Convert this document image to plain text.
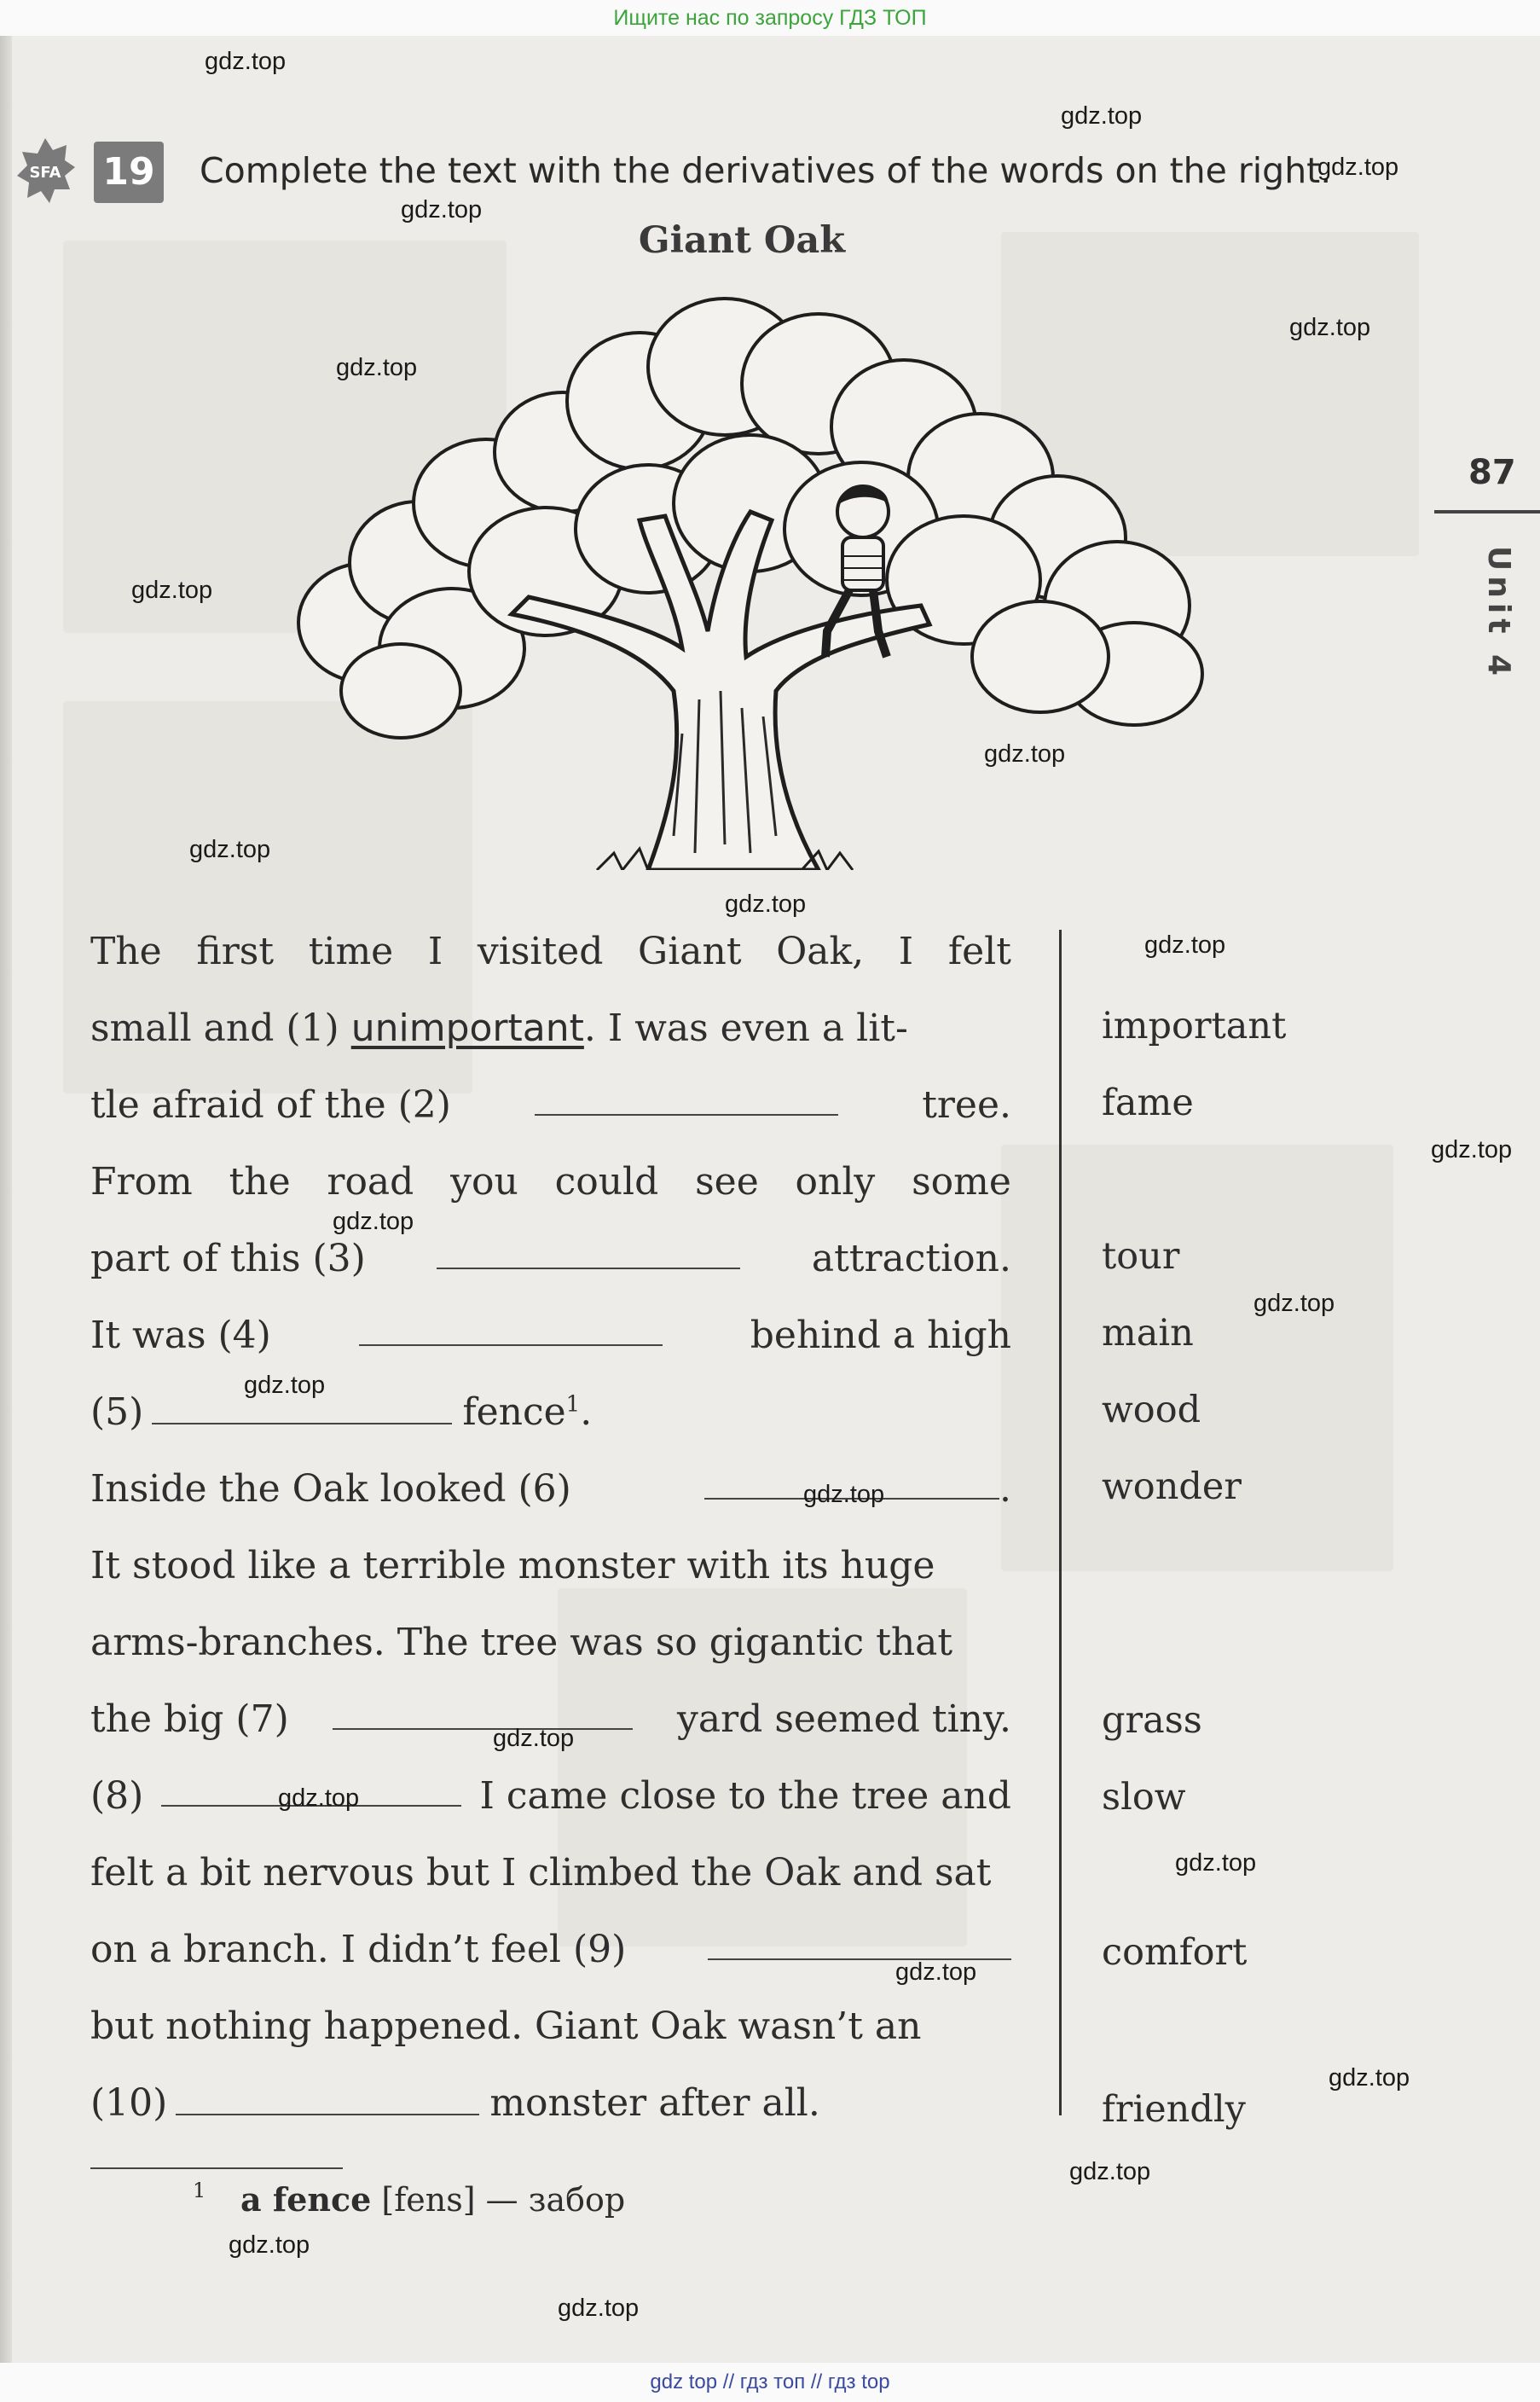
Ищите нас по запросу ГДЗ ТОП
SFA 19 Complete the text with the derivatives of the words on the right.
Giant Oak
87
Unit 4
The first time I visited Giant Oak, I felt
small and (1) unimportant. I was even a lit-
tle afraid of the (2)	tree.
From the road you could see only some
part of this (3)	attraction.
It was (4)	behind a high
(5)	fence$^1$.
Inside the Oak looked (6)	.
It stood like a terrible monster with its huge
arms-branches. The tree was so gigantic that
the big (7)	yard seemed tiny.
(8)	I came close to the tree and
felt a bit nervous but I climbed the Oak and sat
on a branch. I didn’t feel (9)
but nothing happened. Giant Oak wasn’t an
(10)	monster after all.
important
fame
tour
main
wood
wonder
grass
slow
comfort
friendly
1 a fence [fens] — забор
gdz.top
gdz.top
gdz.top
gdz.top
gdz.top
gdz.top
gdz.top
gdz.top
gdz.top
gdz.top
gdz.top
gdz.top
gdz.top
gdz.top
gdz.top
gdz.top
gdz.top
gdz.top
gdz.top
gdz.top
gdz.top
gdz.top
gdz.top
gdz.top
gdz top // гдз топ // гдз top
